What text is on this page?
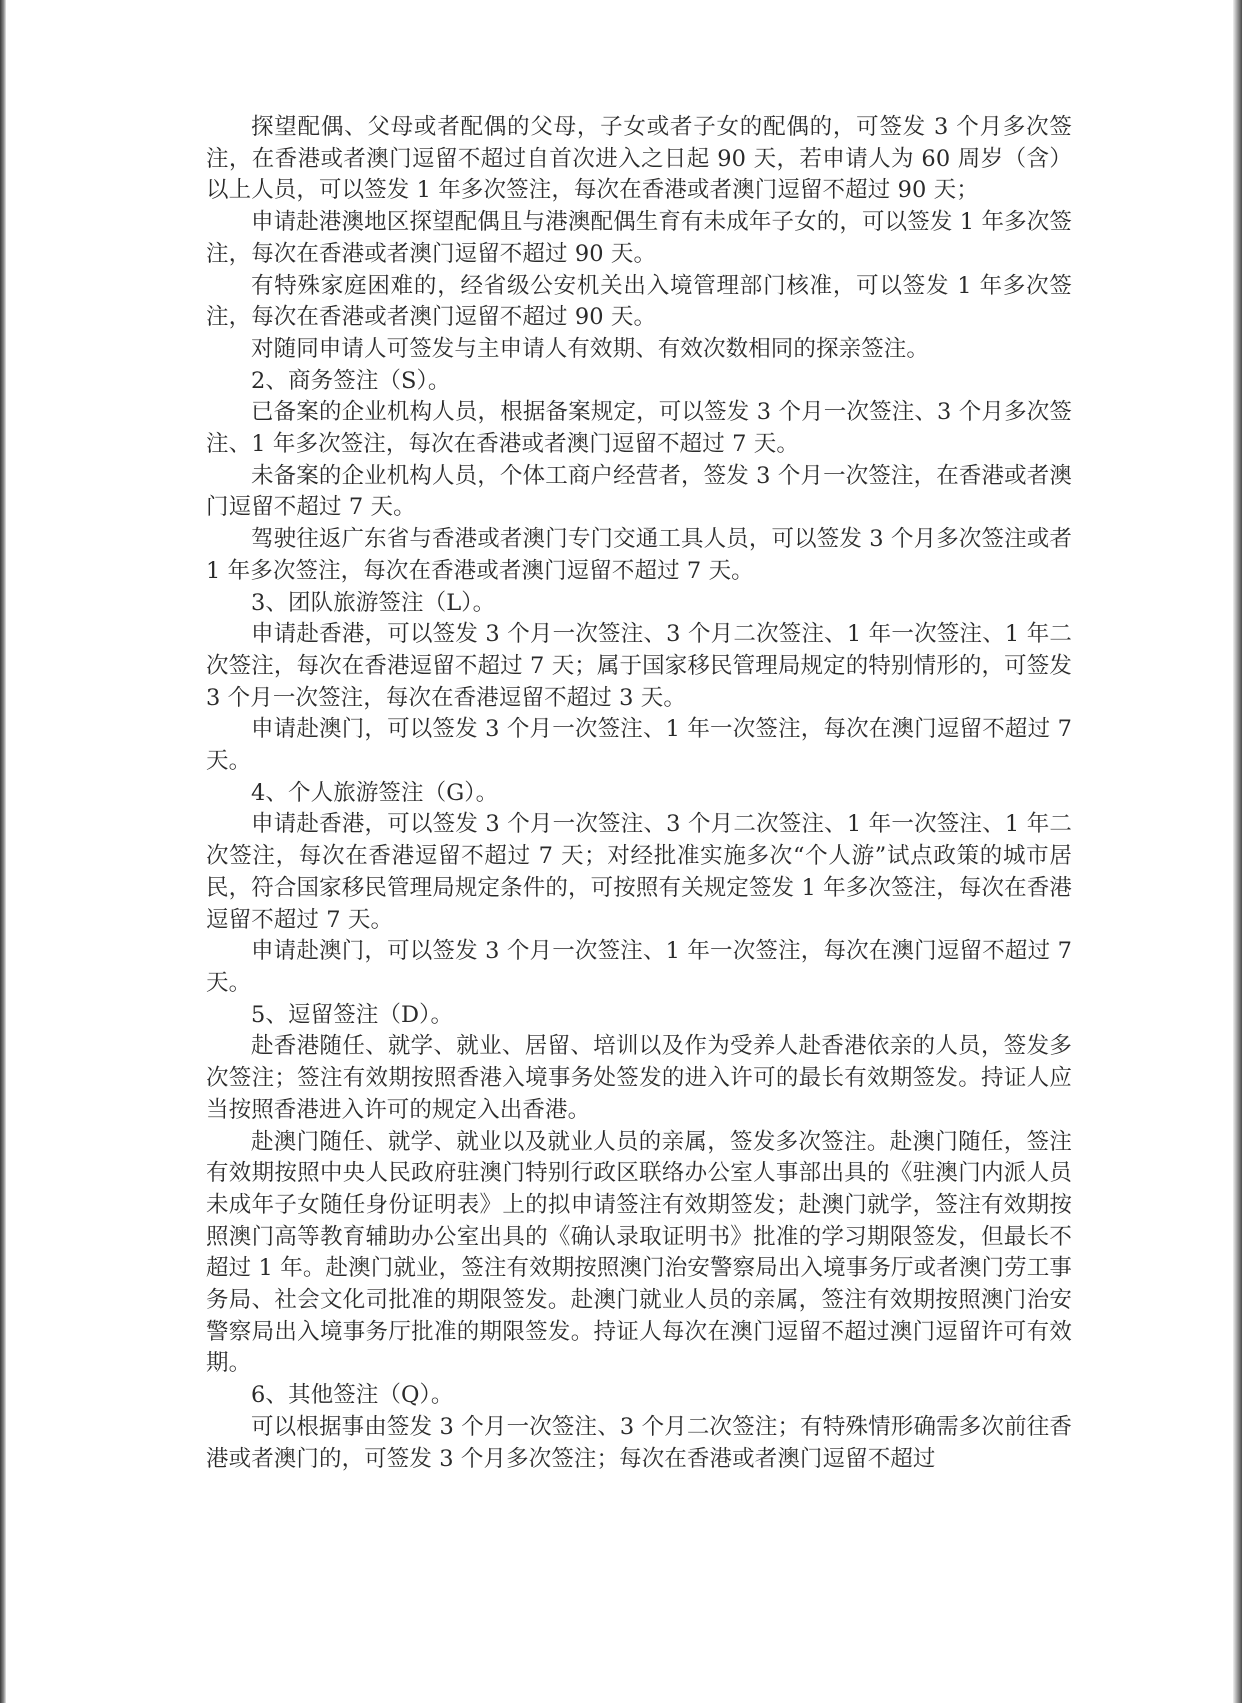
探望配偶、父母或者配偶的父母，子女或者子女的配偶的，可签发 3 个月多次签注，在香港或者澳门逗留不超过自首次进入之日起 90 天，若申请人为 60 周岁（含）以上人员，可以签发 1 年多次签注，每次在香港或者澳门逗留不超过 90 天；

申请赴港澳地区探望配偶且与港澳配偶生育有未成年子女的，可以签发 1 年多次签注，每次在香港或者澳门逗留不超过 90 天。

有特殊家庭困难的，经省级公安机关出入境管理部门核准，可以签发 1 年多次签注，每次在香港或者澳门逗留不超过 90 天。

对随同申请人可签发与主申请人有效期、有效次数相同的探亲签注。

2、商务签注（S）。

已备案的企业机构人员，根据备案规定，可以签发 3 个月一次签注、3 个月多次签注、1 年多次签注，每次在香港或者澳门逗留不超过 7 天。

未备案的企业机构人员，个体工商户经营者，签发 3 个月一次签注，在香港或者澳门逗留不超过 7 天。

驾驶往返广东省与香港或者澳门专门交通工具人员，可以签发 3 个月多次签注或者 1 年多次签注，每次在香港或者澳门逗留不超过 7 天。

3、团队旅游签注（L）。

申请赴香港，可以签发 3 个月一次签注、3 个月二次签注、1 年一次签注、1 年二次签注，每次在香港逗留不超过 7 天；属于国家移民管理局规定的特别情形的，可签发 3 个月一次签注，每次在香港逗留不超过 3 天。

申请赴澳门，可以签发 3 个月一次签注、1 年一次签注，每次在澳门逗留不超过 7 天。

4、个人旅游签注（G）。

申请赴香港，可以签发 3 个月一次签注、3 个月二次签注、1 年一次签注、1 年二次签注，每次在香港逗留不超过 7 天；对经批准实施多次“个人游”试点政策的城市居民，符合国家移民管理局规定条件的，可按照有关规定签发 1 年多次签注，每次在香港逗留不超过 7 天。

申请赴澳门，可以签发 3 个月一次签注、1 年一次签注，每次在澳门逗留不超过 7 天。

5、逗留签注（D）。

赴香港随任、就学、就业、居留、培训以及作为受养人赴香港依亲的人员，签发多次签注；签注有效期按照香港入境事务处签发的进入许可的最长有效期签发。持证人应当按照香港进入许可的规定入出香港。

赴澳门随任、就学、就业以及就业人员的亲属，签发多次签注。赴澳门随任，签注有效期按照中央人民政府驻澳门特别行政区联络办公室人事部出具的《驻澳门内派人员未成年子女随任身份证明表》上的拟申请签注有效期签发；赴澳门就学，签注有效期按照澳门高等教育辅助办公室出具的《确认录取证明书》批准的学习期限签发，但最长不超过 1 年。赴澳门就业，签注有效期按照澳门治安警察局出入境事务厅或者澳门劳工事务局、社会文化司批准的期限签发。赴澳门就业人员的亲属，签注有效期按照澳门治安警察局出入境事务厅批准的期限签发。持证人每次在澳门逗留不超过澳门逗留许可有效期。

6、其他签注（Q）。

可以根据事由签发 3 个月一次签注、3 个月二次签注；有特殊情形确需多次前往香港或者澳门的，可签发 3 个月多次签注；每次在香港或者澳门逗留不超过
